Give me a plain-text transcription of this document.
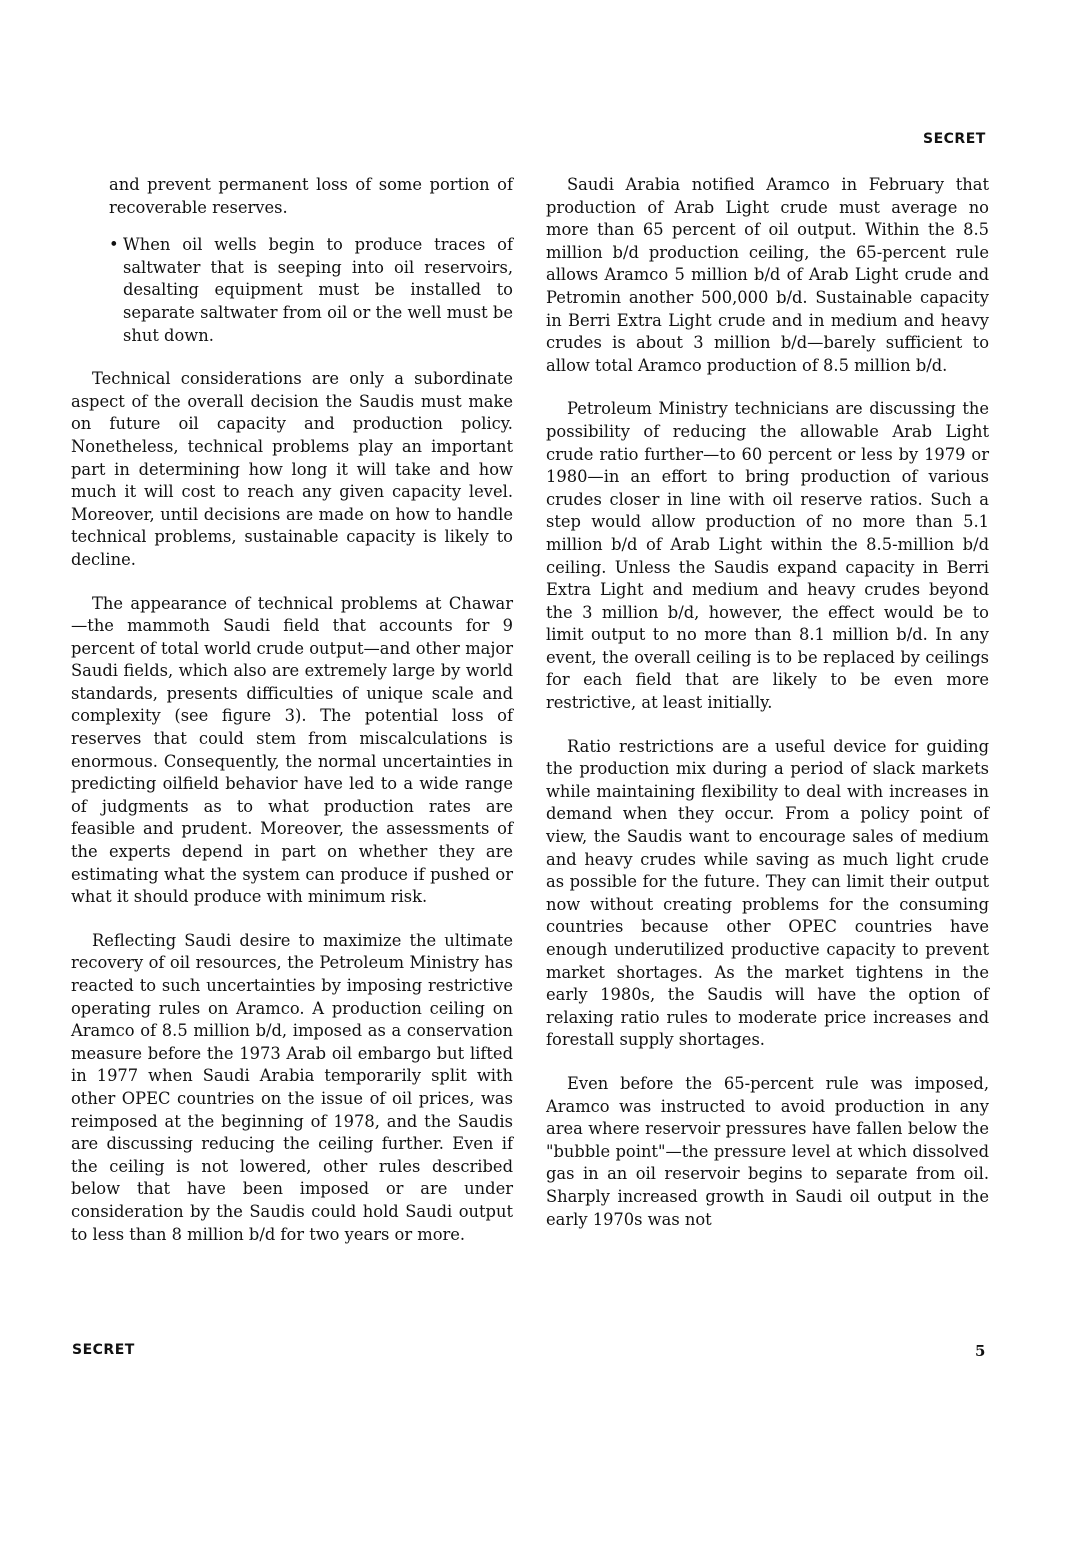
SECRET

and prevent permanent loss of some portion of recoverable reserves.

• When oil wells begin to produce traces of saltwater that is seeping into oil reservoirs, desalting equipment must be installed to separate saltwater from oil or the well must be shut down.

Technical considerations are only a subordinate aspect of the overall decision the Saudis must make on future oil capacity and production policy. Nonetheless, technical problems play an important part in determining how long it will take and how much it will cost to reach any given capacity level. Moreover, until decisions are made on how to handle technical problems, sustainable capacity is likely to decline.

The appearance of technical problems at Chawar—the mammoth Saudi field that accounts for 9 percent of total world crude output—and other major Saudi fields, which also are extremely large by world standards, presents difficulties of unique scale and complexity (see figure 3). The potential loss of reserves that could stem from miscalculations is enormous. Consequently, the normal uncertainties in predicting oilfield behavior have led to a wide range of judgments as to what production rates are feasible and prudent. Moreover, the assessments of the experts depend in part on whether they are estimating what the system can produce if pushed or what it should produce with minimum risk.

Reflecting Saudi desire to maximize the ultimate recovery of oil resources, the Petroleum Ministry has reacted to such uncertainties by imposing restrictive operating rules on Aramco. A production ceiling on Aramco of 8.5 million b/d, imposed as a conservation measure before the 1973 Arab oil embargo but lifted in 1977 when Saudi Arabia temporarily split with other OPEC countries on the issue of oil prices, was reimposed at the beginning of 1978, and the Saudis are discussing reducing the ceiling further. Even if the ceiling is not lowered, other rules described below that have been imposed or are under consideration by the Saudis could hold Saudi output to less than 8 million b/d for two years or more.

Saudi Arabia notified Aramco in February that production of Arab Light crude must average no more than 65 percent of oil output. Within the 8.5 million b/d production ceiling, the 65-percent rule allows Aramco 5 million b/d of Arab Light crude and Petromin another 500,000 b/d. Sustainable capacity in Berri Extra Light crude and in medium and heavy crudes is about 3 million b/d—barely sufficient to allow total Aramco production of 8.5 million b/d.

Petroleum Ministry technicians are discussing the possibility of reducing the allowable Arab Light crude ratio further—to 60 percent or less by 1979 or 1980—in an effort to bring production of various crudes closer in line with oil reserve ratios. Such a step would allow production of no more than 5.1 million b/d of Arab Light within the 8.5-million b/d ceiling. Unless the Saudis expand capacity in Berri Extra Light and medium and heavy crudes beyond the 3 million b/d, however, the effect would be to limit output to no more than 8.1 million b/d. In any event, the overall ceiling is to be replaced by ceilings for each field that are likely to be even more restrictive, at least initially.

Ratio restrictions are a useful device for guiding the production mix during a period of slack markets while maintaining flexibility to deal with increases in demand when they occur. From a policy point of view, the Saudis want to encourage sales of medium and heavy crudes while saving as much light crude as possible for the future. They can limit their output now without creating problems for the consuming countries because other OPEC countries have enough underutilized productive capacity to prevent market shortages. As the market tightens in the early 1980s, the Saudis will have the option of relaxing ratio rules to moderate price increases and forestall supply shortages.

Even before the 65-percent rule was imposed, Aramco was instructed to avoid production in any area where reservoir pressures have fallen below the "bubble point"—the pressure level at which dissolved gas in an oil reservoir begins to separate from oil. Sharply increased growth in Saudi oil output in the early 1970s was not

SECRET	5
